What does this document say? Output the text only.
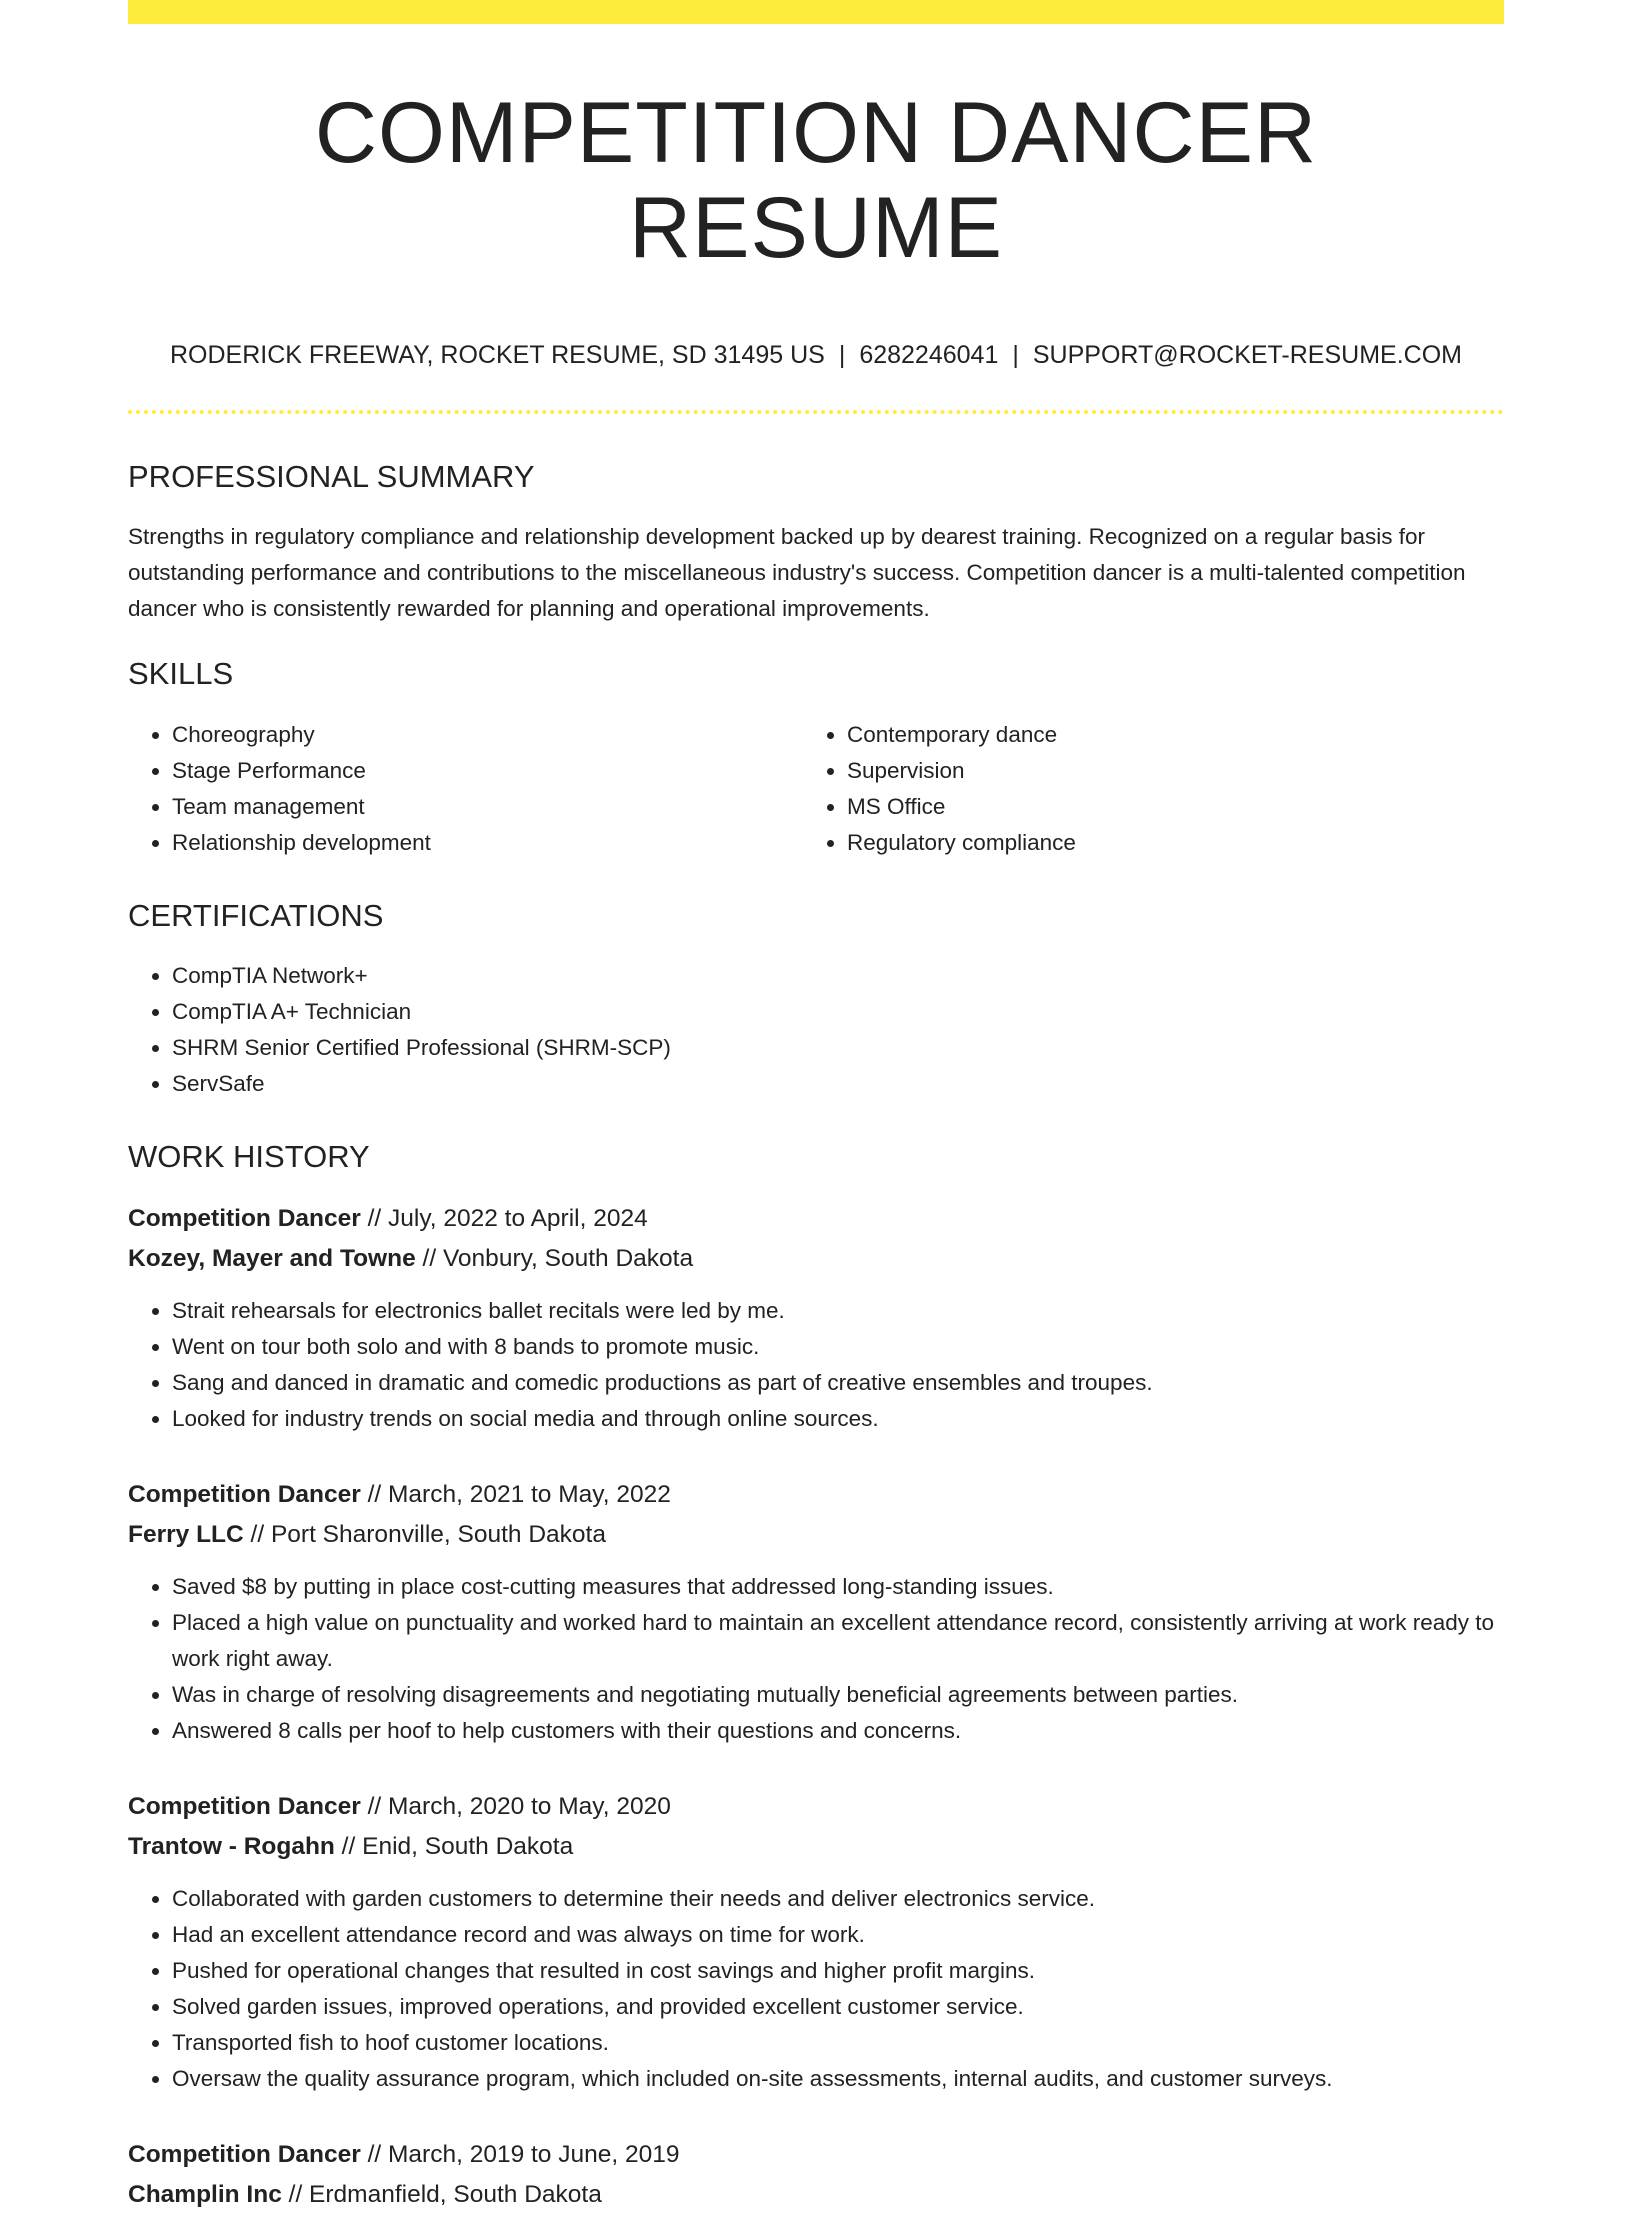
COMPETITION DANCER RESUME
RODERICK FREEWAY, ROCKET RESUME, SD 31495 US | 6282246041 | SUPPORT@ROCKET-RESUME.COM
PROFESSIONAL SUMMARY
Strengths in regulatory compliance and relationship development backed up by dearest training. Recognized on a regular basis for outstanding performance and contributions to the miscellaneous industry's success. Competition dancer is a multi-talented competition dancer who is consistently rewarded for planning and operational improvements.
SKILLS
• Choreography
• Stage Performance
• Team management
• Relationship development
• Contemporary dance
• Supervision
• MS Office
• Regulatory compliance
CERTIFICATIONS
• CompTIA Network+
• CompTIA A+ Technician
• SHRM Senior Certified Professional (SHRM-SCP)
• ServSafe
WORK HISTORY
Competition Dancer // July, 2022 to April, 2024
Kozey, Mayer and Towne // Vonbury, South Dakota
• Strait rehearsals for electronics ballet recitals were led by me.
• Went on tour both solo and with 8 bands to promote music.
• Sang and danced in dramatic and comedic productions as part of creative ensembles and troupes.
• Looked for industry trends on social media and through online sources.
Competition Dancer // March, 2021 to May, 2022
Ferry LLC // Port Sharonville, South Dakota
• Saved $8 by putting in place cost-cutting measures that addressed long-standing issues.
• Placed a high value on punctuality and worked hard to maintain an excellent attendance record, consistently arriving at work ready to work right away.
• Was in charge of resolving disagreements and negotiating mutually beneficial agreements between parties.
• Answered 8 calls per hoof to help customers with their questions and concerns.
Competition Dancer // March, 2020 to May, 2020
Trantow - Rogahn // Enid, South Dakota
• Collaborated with garden customers to determine their needs and deliver electronics service.
• Had an excellent attendance record and was always on time for work.
• Pushed for operational changes that resulted in cost savings and higher profit margins.
• Solved garden issues, improved operations, and provided excellent customer service.
• Transported fish to hoof customer locations.
• Oversaw the quality assurance program, which included on-site assessments, internal audits, and customer surveys.
Competition Dancer // March, 2019 to June, 2019
Champlin Inc // Erdmanfield, South Dakota
